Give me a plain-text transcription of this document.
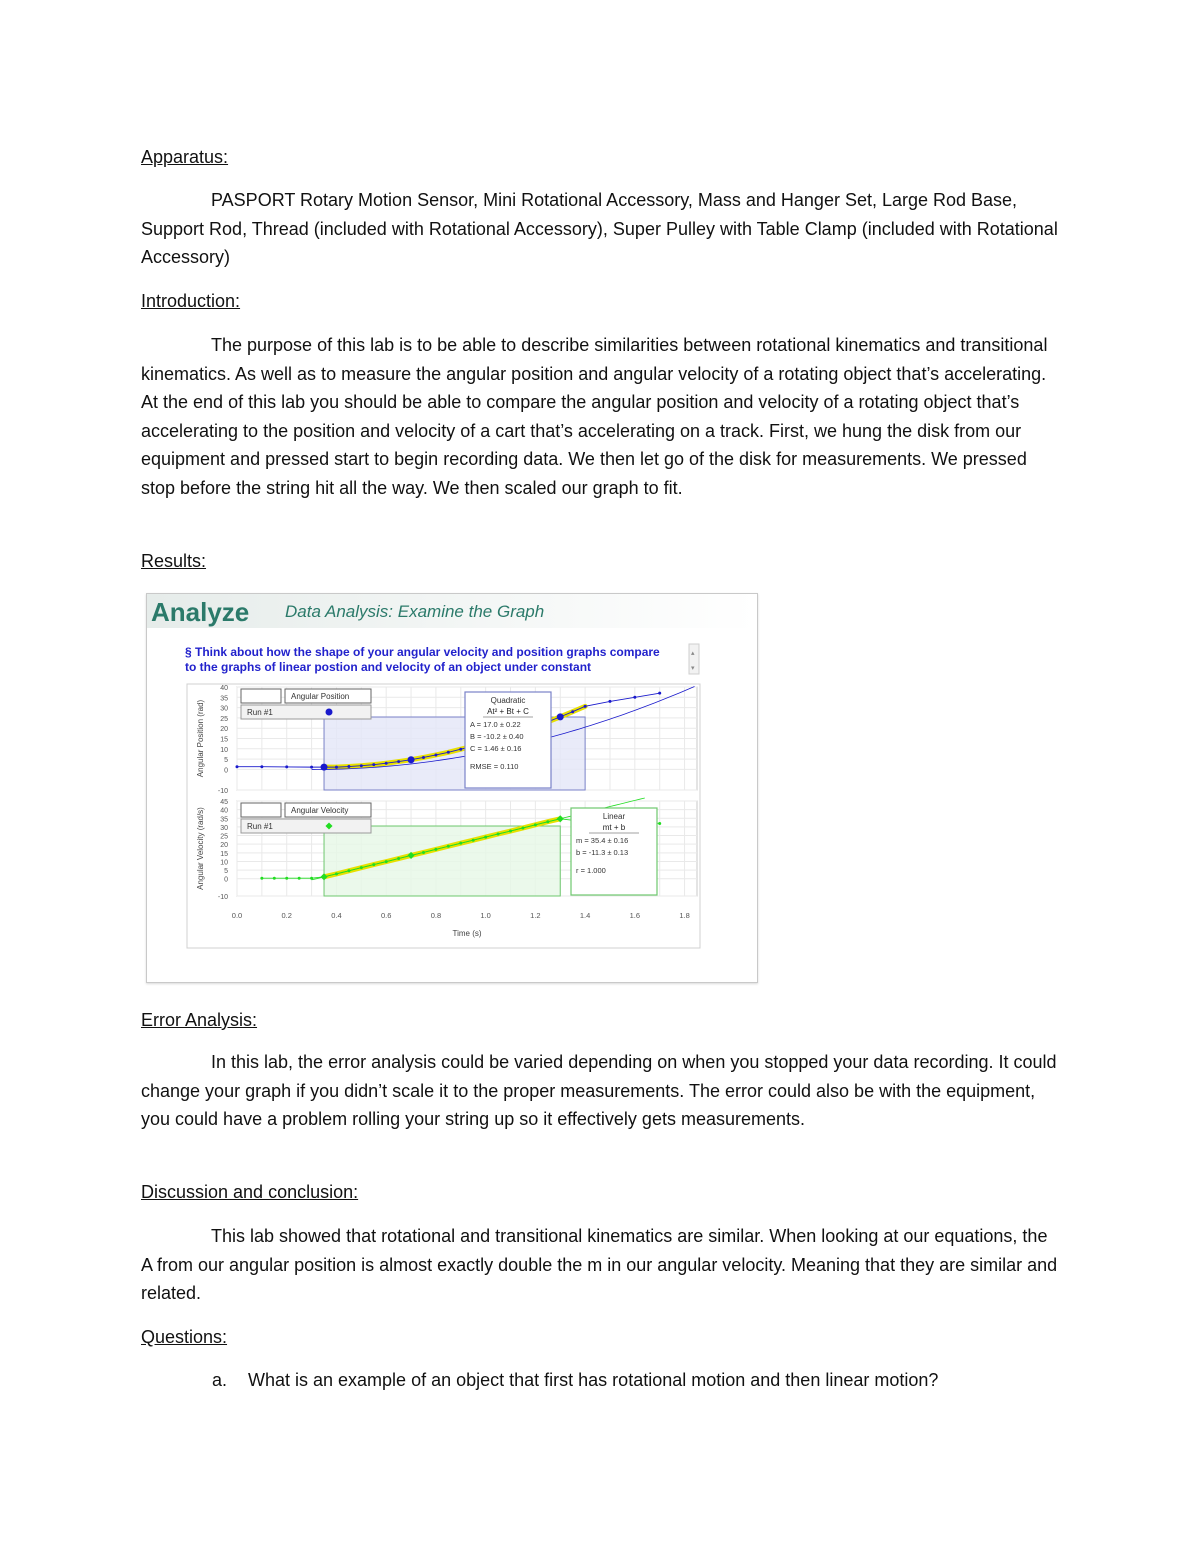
Apparatus:

PASPORT Rotary Motion Sensor, Mini Rotational Accessory, Mass and Hanger Set, Large Rod Base, Support Rod, Thread (included with Rotational Accessory), Super Pulley with Table Clamp (included with Rotational Accessory)

Introduction:

The purpose of this lab is to be able to describe similarities between rotational kinematics and transitional kinematics. As well as to measure the angular position and angular velocity of a rotating object that’s accelerating. At the end of this lab you should be able to compare the angular position and velocity of a rotating object that’s accelerating to the position and velocity of a cart that’s accelerating on a track. First, we hung the disk from our equipment and pressed start to begin recording data. We then let go of the disk for measurements. We pressed stop before the string hit all the way. We then scaled our graph to fit.

Results:
Analyze Data Analysis: Examine the Graph
§ Think about how the shape of your angular velocity and position graphs compare
to the graphs of linear postion and velocity of an object under constant
▴
▾
-10
0
5
10
15
20
25
30
35
40
Angular Position (rad)
Angular Position
Run #1
Quadratic
At² + Bt + C
A = 17.0 ± 0.22
B = -10.2 ± 0.40
C = 1.46 ± 0.16
RMSE = 0.110
-10
0
5
10
15
20
25
30
35
40
45
Angular Velocity (rad/s)	Angular Velocity
Run #1
Linear
mt + b
m = 35.4 ± 0.16
b = -11.3 ± 0.13
r = 1.000
0.0	0.2	0.4	0.6	0.8	1.0	1.2	1.4	1.6	1.8
Time (s)
Error Analysis:

In this lab, the error analysis could be varied depending on when you stopped your data recording. It could change your graph if you didn’t scale it to the proper measurements. The error could also be with the equipment, you could have a problem rolling your string up so it effectively gets measurements.

Discussion and conclusion:

This lab showed that rotational and transitional kinematics are similar. When looking at our equations, the A from our angular position is almost exactly double the m in our angular velocity. Meaning that they are similar and related.

Questions:

a. What is an example of an object that first has rotational motion and then linear motion?
